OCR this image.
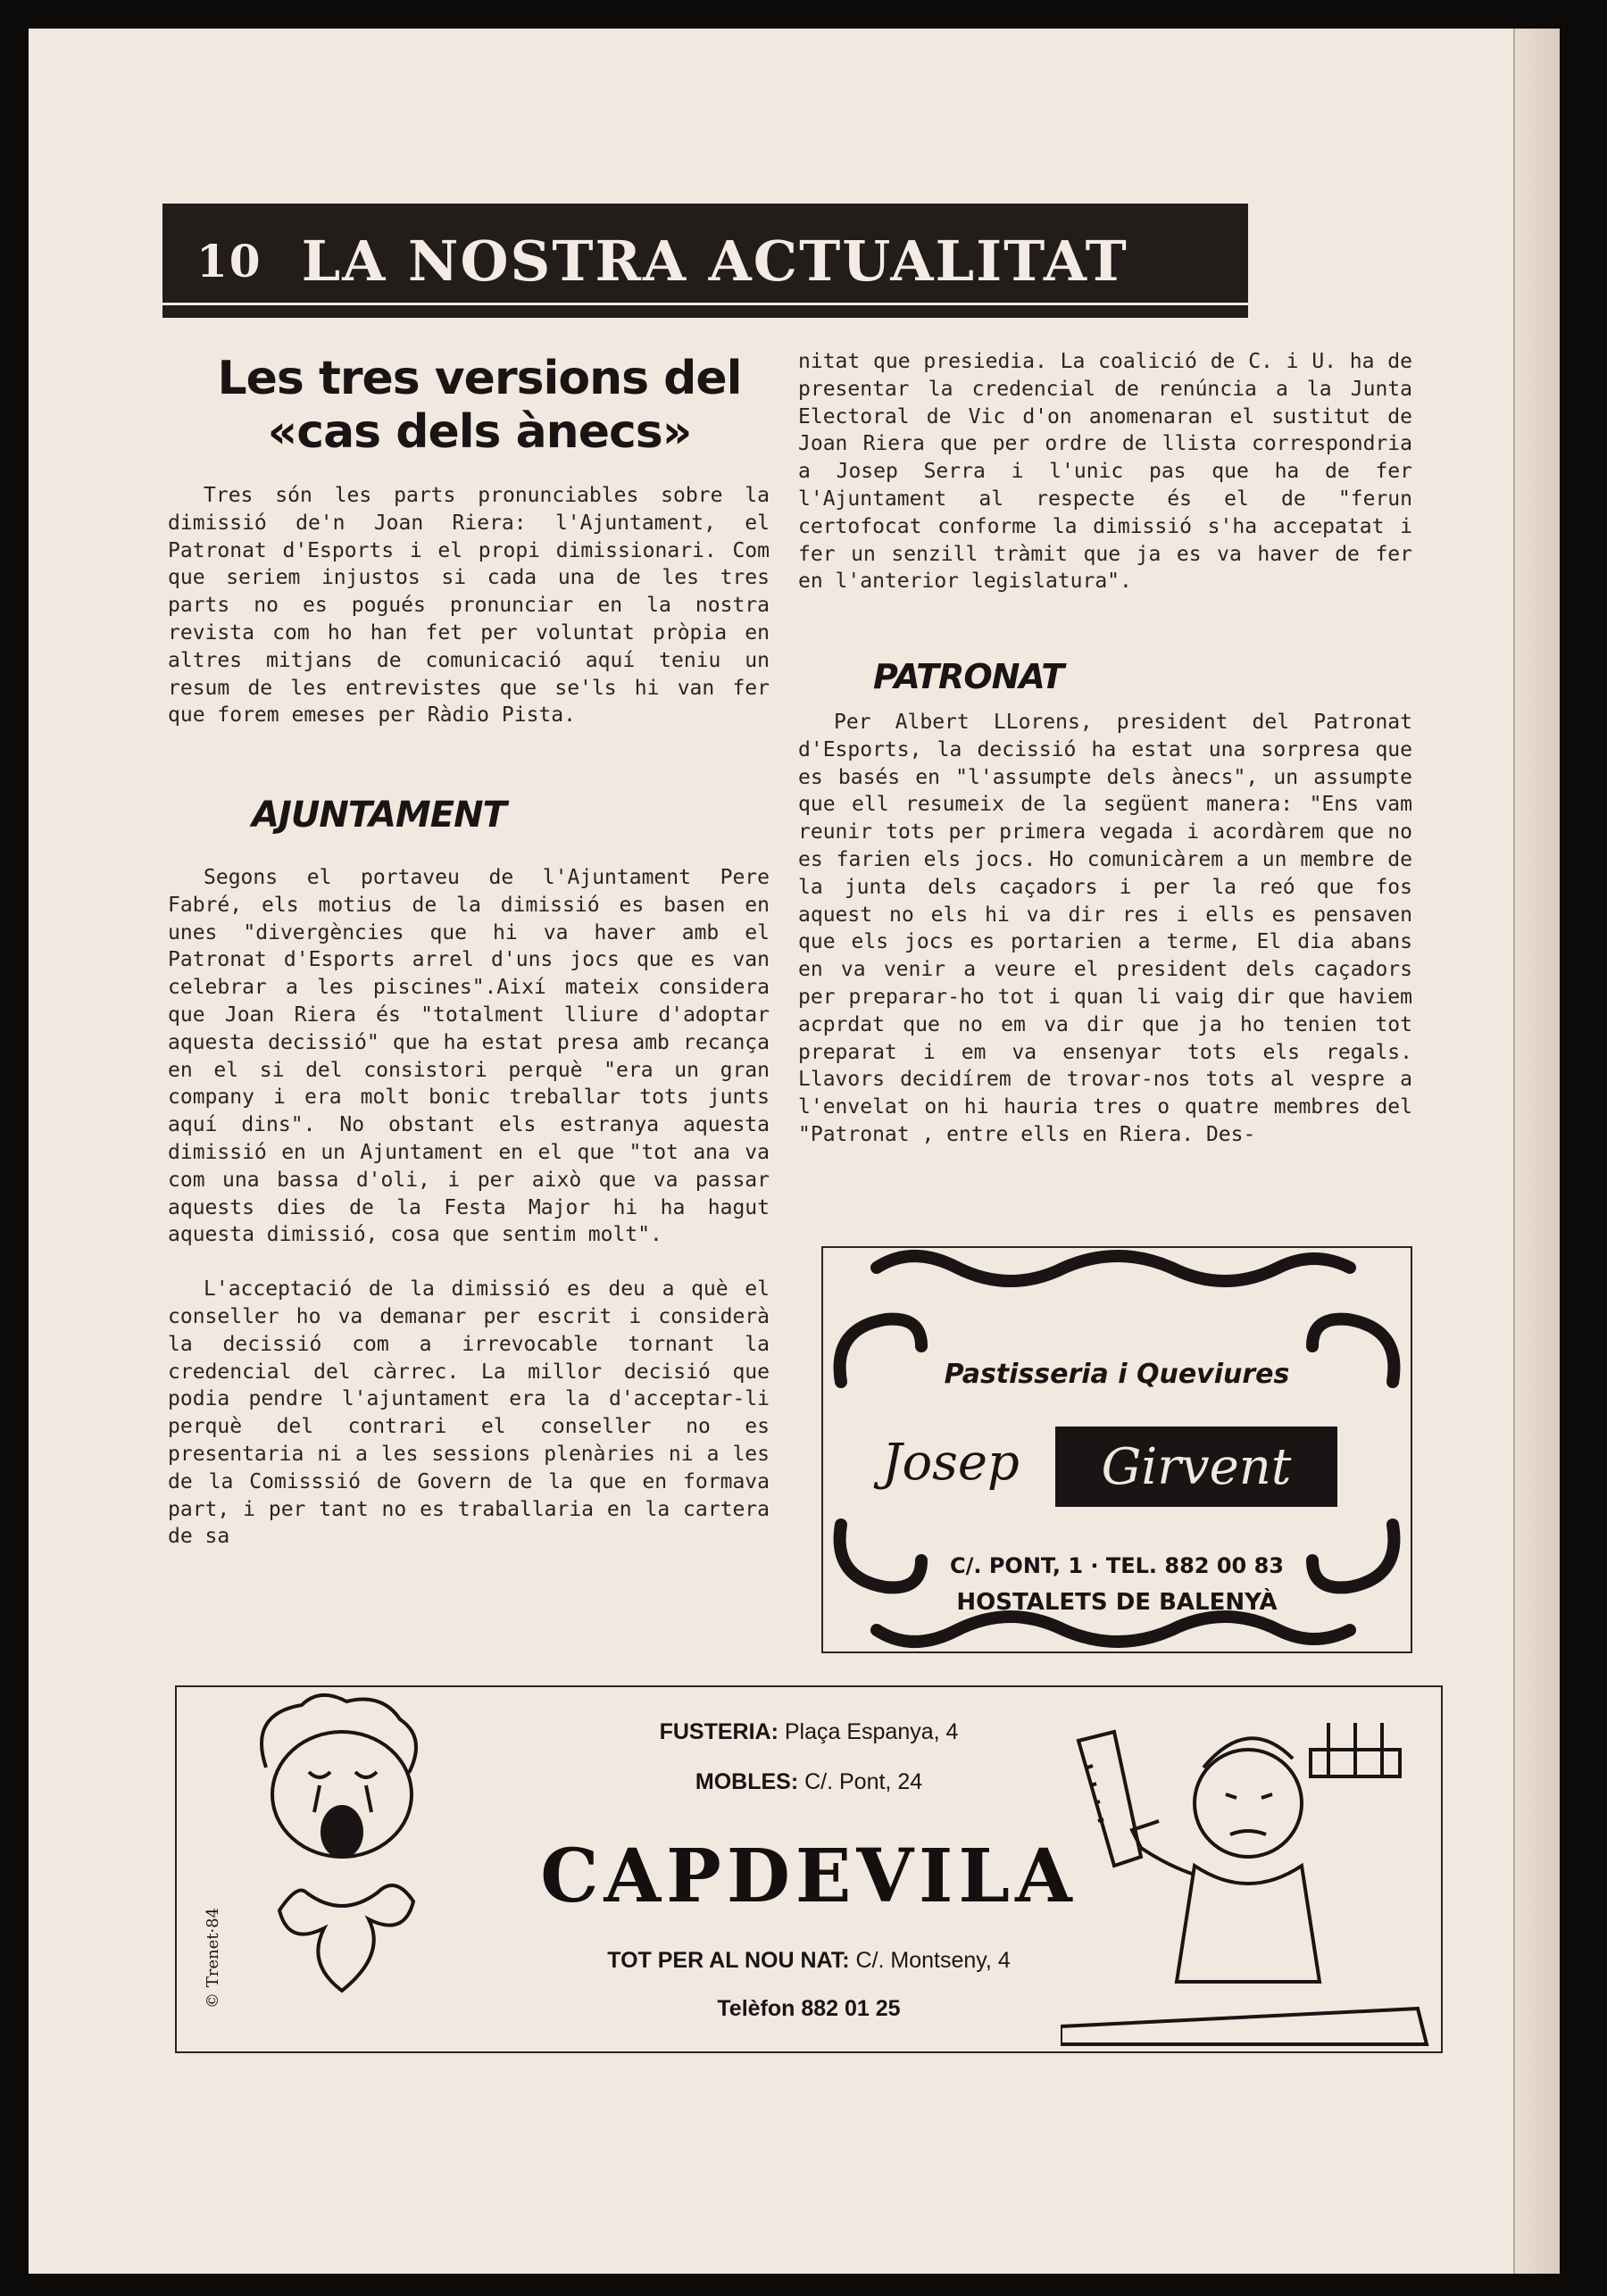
10 LA NOSTRA ACTUALITAT
Les tres versions del
«cas dels ànecs»

Tres són les parts pronunciables sobre la dimissió de'n Joan Riera: l'Ajuntament, el Patronat d'Esports i el propi dimissionari. Com que seriem injustos si cada una de les tres parts no es pogués pronunciar en la nostra revista com ho han fet per voluntat pròpia en altres mitjans de comunicació aquí teniu un resum de les entrevistes que se'ls hi van fer que forem emeses per Ràdio Pista.

AJUNTAMENT

Segons el portaveu de l'Ajuntament Pere Fabré, els motius de la dimissió es basen en unes "divergències que hi va haver amb el Patronat d'Esports arrel d'uns jocs que es van celebrar a les piscines".Així mateix considera que Joan Riera és "totalment lliure d'adoptar aquesta decissió" que ha estat presa amb recança en el si del consistori perquè "era un gran company i era molt bonic treballar tots junts aquí dins". No obstant els estranya aquesta dimissió en un Ajuntament en el que "tot ana va com una bassa d'oli, i per això que va passar aquests dies de la Festa Major hi ha hagut aquesta dimissió, cosa que sentim molt".

L'acceptació de la dimissió es deu a què el conseller ho va demanar per escrit i considerà la decissió com a irrevocable tornant la credencial del càrrec. La millor decisió que podia pendre l'ajuntament era la d'acceptar-li perquè del contrari el conseller no es presentaria ni a les sessions plenàries ni a les de la Comisssió de Govern de la que en formava part, i per tant no es traballaria en la cartera de sa

nitat que presiedia. La coalició de C. i U. ha de presentar la credencial de renúncia a la Junta Electoral de Vic d'on anomenaran el sustitut de Joan Riera que per ordre de llista correspondria a Josep Serra i l'unic pas que ha de fer l'Ajuntament al respecte és el de "ferun certofocat conforme la dimissió s'ha accepatat i fer un senzill tràmit que ja es va haver de fer en l'anterior legislatura".

PATRONAT

Per Albert LLorens, president del Patronat d'Esports, la decissió ha estat una sorpresa que es basés en "l'assumpte dels ànecs", un assumpte que ell resumeix de la següent manera: "Ens vam reunir tots per primera vegada i acordàrem que no es farien els jocs. Ho comunicàrem a un membre de la junta dels caçadors i per la reó que fos aquest no els hi va dir res i ells es pensaven que els jocs es portarien a terme, El dia abans en va venir a veure el president dels caçadors per preparar-ho tot i quan li vaig dir que haviem acprdat que no em va dir que ja ho tenien tot preparat i em va ensenyar tots els regals. Llavors decidírem de trovar-nos tots al vespre a l'envelat on hi hauria tres o quatre membres del "Patronat , entre ells en Riera. Des-

Pastisseria i Queviures
Josep	Girvent
C/. PONT, 1 · TEL. 882 00 83
HOSTALETS DE BALENYÀ
© Trenet·84
FUSTERIA: Plaça Espanya, 4
MOBLES: C/. Pont, 24
CAPDEVILA
TOT PER AL NOU NAT: C/. Montseny, 4
Telèfon 882 01 25
